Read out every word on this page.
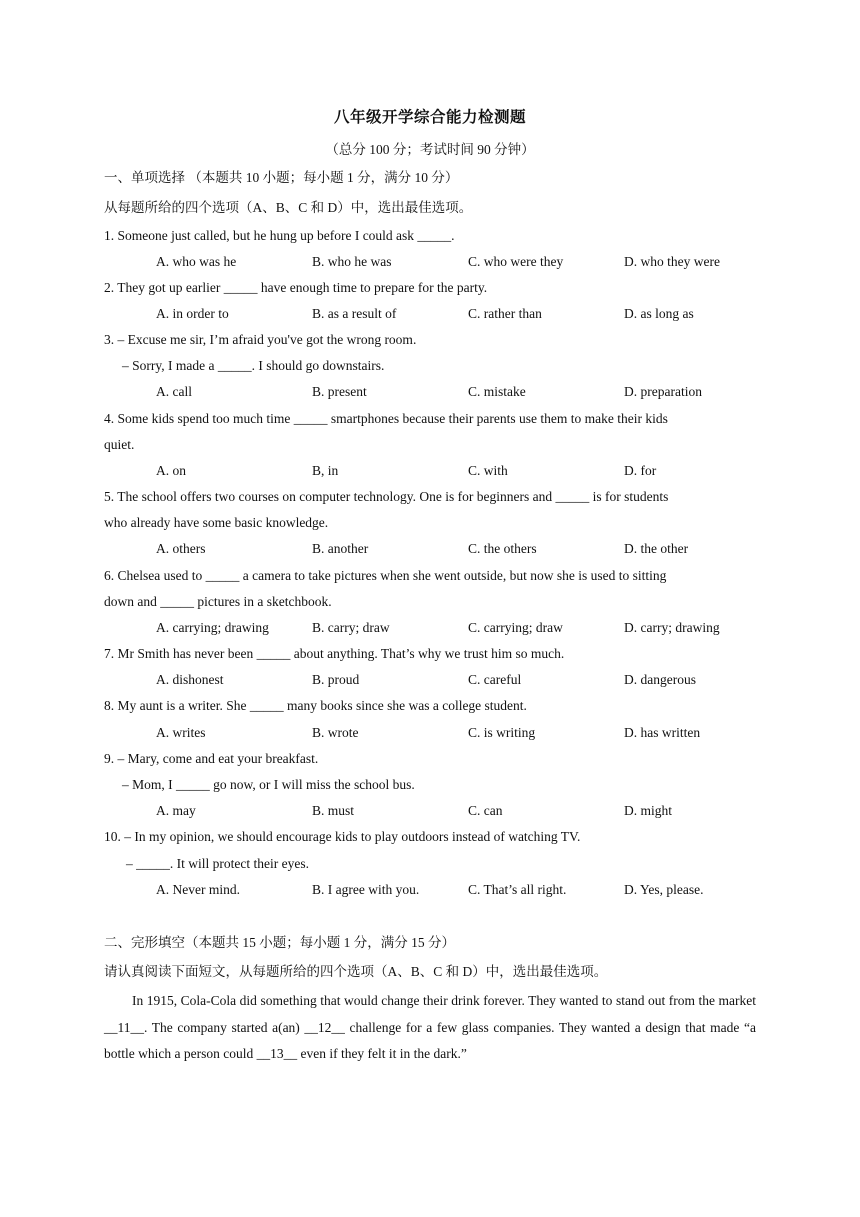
八年级开学综合能力检测题
（总分 100 分；考试时间 90 分钟）
一、单项选择 （本题共 10 小题；每小题 1 分，满分 10 分）
从每题所给的四个选项（A、B、C 和 D）中，选出最佳选项。
1. Someone just called, but he hung up before I could ask _____.
A. who was he	B. who he was	C. who were they	D. who they were
2. They got up earlier _____ have enough time to prepare for the party.
A. in order to	B. as a result of	C. rather than	D. as long as
3. – Excuse me sir, I’m afraid you've got the wrong room.
– Sorry, I made a _____. I should go downstairs.
A. call	B. present	C. mistake	D. preparation
4. Some kids spend too much time _____ smartphones because their parents use them to make their kids
quiet.
A. on	B, in	C. with	D. for
5. The school offers two courses on computer technology. One is for beginners and _____ is for students
who already have some basic knowledge.
A. others	B. another	C. the others	D. the other
6. Chelsea used to _____ a camera to take pictures when she went outside, but now she is used to sitting
down and _____ pictures in a sketchbook.
A. carrying; drawing	B. carry; draw	C. carrying; draw	D. carry; drawing
7. Mr Smith has never been _____ about anything. That’s why we trust him so much.
A. dishonest	B. proud	C. careful	D. dangerous
8. My aunt is a writer. She _____ many books since she was a college student.
A. writes	B. wrote	C. is writing	D. has written
9. – Mary, come and eat your breakfast.
– Mom, I _____ go now, or I will miss the school bus.
A. may	B. must	C. can	D. might
10. – In my opinion, we should encourage kids to play outdoors instead of watching TV.
– _____. It will protect their eyes.
A. Never mind.	B. I agree with you.	C. That’s all right.	D. Yes, please.
二、完形填空（本题共 15 小题；每小题 1 分，满分 15 分）
请认真阅读下面短文，从每题所给的四个选项（A、B、C 和 D）中，选出最佳选项。
In 1915, Cola-Cola did something that would change their drink forever. They wanted to stand out from the market __11__. The company started a(an) __12__ challenge for a few glass companies. They wanted a design that made “a bottle which a person could __13__ even if they felt it in the dark.”
